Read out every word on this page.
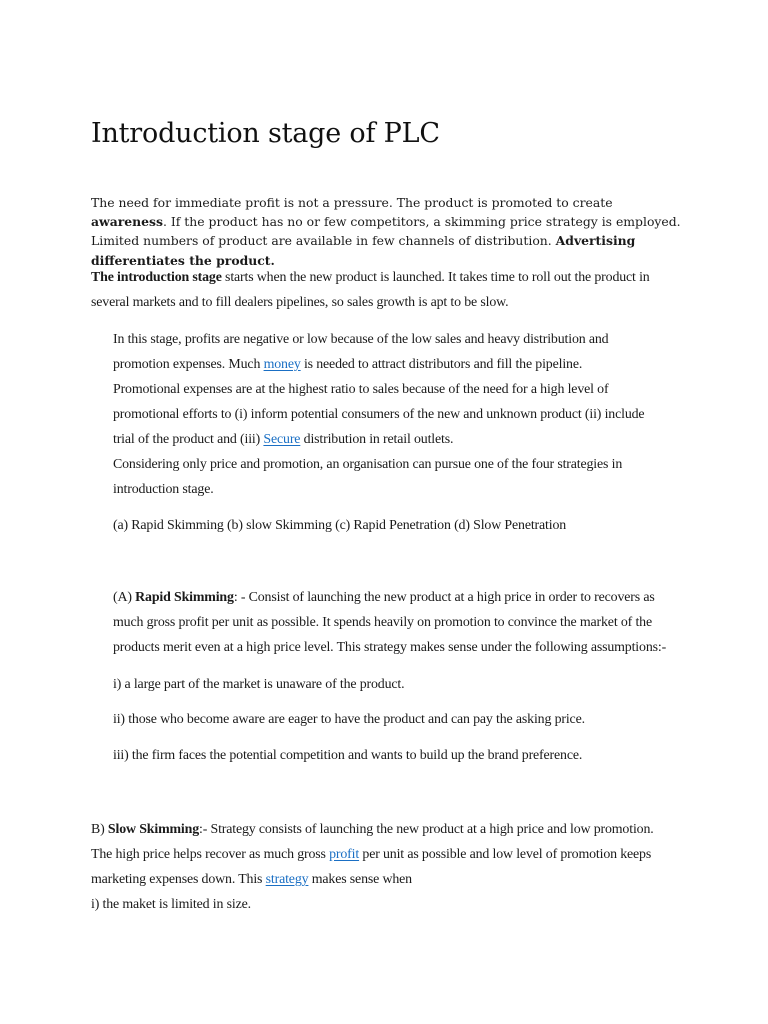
Introduction stage of PLC

The need for immediate profit is not a pressure. The product is promoted to create awareness. If the product has no or few competitors, a skimming price strategy is employed. Limited numbers of product are available in few channels of distribution. Advertising differentiates the product.

The introduction stage starts when the new product is launched. It takes time to roll out the product in
several markets and to fill dealers pipelines, so sales growth is apt to be slow.
In this stage, profits are negative or low because of the low sales and heavy distribution and
promotion expenses. Much money is needed to attract distributors and fill the pipeline.
Promotional expenses are at the highest ratio to sales because of the need for a high level of
promotional efforts to (i) inform potential consumers of the new and unknown product (ii) include
trial of the product and (iii) Secure distribution in retail outlets.
Considering only price and promotion, an organisation can pursue one of the four strategies in
introduction stage.
(a) Rapid Skimming (b) slow Skimming (c) Rapid Penetration (d) Slow Penetration
(A) Rapid Skimming: - Consist of launching the new product at a high price in order to recovers as
much gross profit per unit as possible. It spends heavily on promotion to convince the market of the
products merit even at a high price level. This strategy makes sense under the following assumptions:-
i) a large part of the market is unaware of the product.
ii) those who become aware are eager to have the product and can pay the asking price.
iii) the firm faces the potential competition and wants to build up the brand preference.
B) Slow Skimming:- Strategy consists of launching the new product at a high price and low promotion.
The high price helps recover as much gross profit per unit as possible and low level of promotion keeps
marketing expenses down. This strategy makes sense when
i) the maket is limited in size.
